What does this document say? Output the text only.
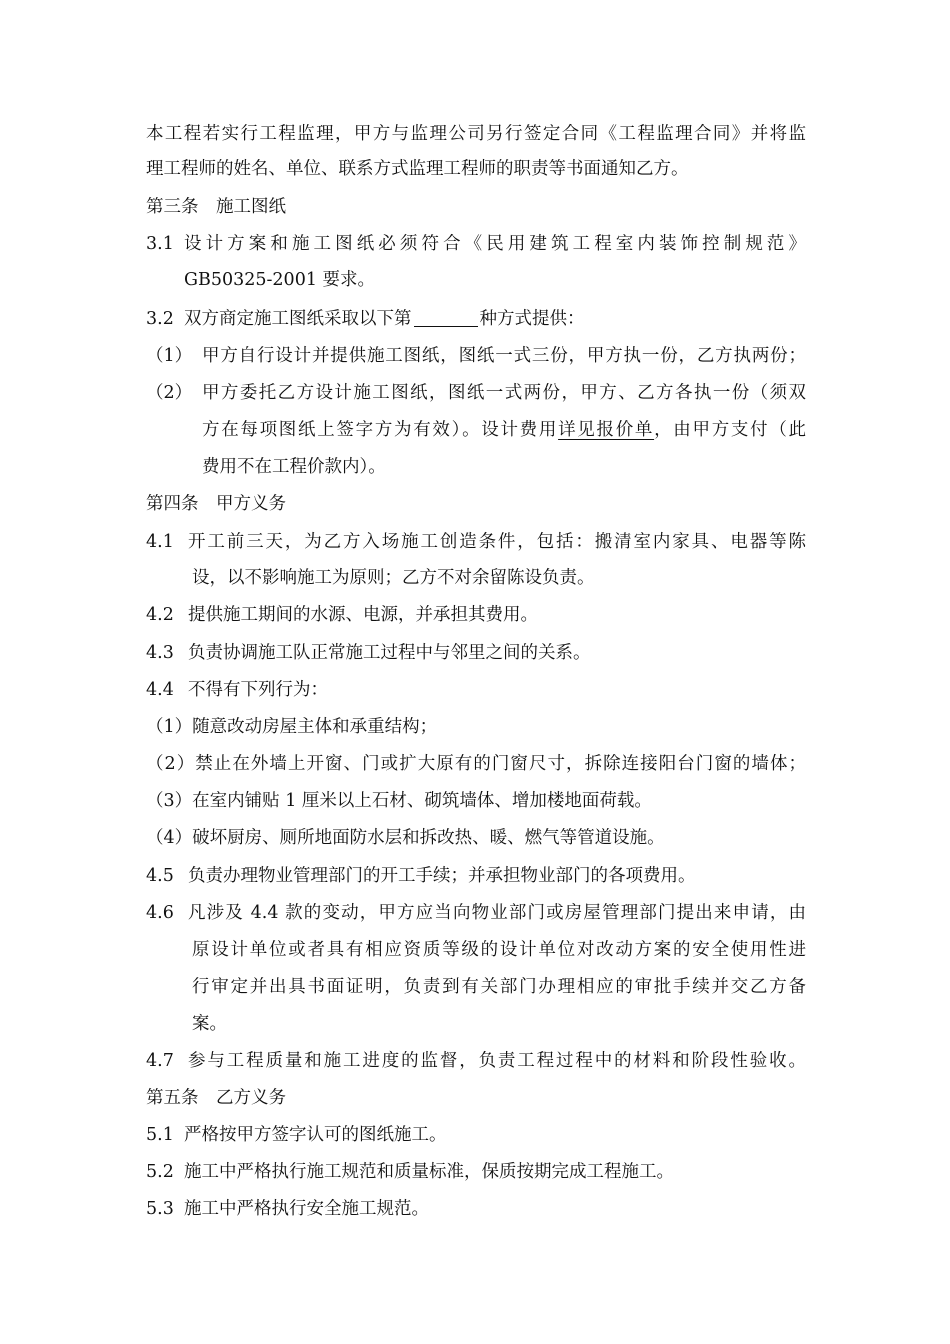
本工程若实行工程监理，甲方与监理公司另行签定合同《工程监理合同》并将监
理工程师的姓名、单位、联系方式监理工程师的职责等书面通知乙方。
第三条　施工图纸
3.1 设计方案和施工图纸必须符合《民用建筑工程室内装饰控制规范》
GB50325-2001 要求。
3.2 双方商定施工图纸采取以下第	种方式提供：
（1） 甲方自行设计并提供施工图纸，图纸一式三份，甲方执一份，乙方执两份；
（2） 甲方委托乙方设计施工图纸，图纸一式两份，甲方、乙方各执一份（须双
方在每项图纸上签字方为有效）。设计费用详见报价单，由甲方支付（此
费用不在工程价款内）。
第四条　甲方义务
4.1 开工前三天，为乙方入场施工创造条件，包括：搬清室内家具、电器等陈
设，以不影响施工为原则；乙方不对余留陈设负责。
4.2 提供施工期间的水源、电源，并承担其费用。
4.3 负责协调施工队正常施工过程中与邻里之间的关系。
4.4 不得有下列行为：
（1）随意改动房屋主体和承重结构；
（2）禁止在外墙上开窗、门或扩大原有的门窗尺寸，拆除连接阳台门窗的墙体；
（3）在室内铺贴 1 厘米以上石材、砌筑墙体、增加楼地面荷载。
（4）破坏厨房、厕所地面防水层和拆改热、暖、燃气等管道设施。
4.5 负责办理物业管理部门的开工手续；并承担物业部门的各项费用。
4.6 凡涉及 4.4 款的变动，甲方应当向物业部门或房屋管理部门提出来申请，由
原设计单位或者具有相应资质等级的设计单位对改动方案的安全使用性进
行审定并出具书面证明，负责到有关部门办理相应的审批手续并交乙方备
案。
4.7 参与工程质量和施工进度的监督，负责工程过程中的材料和阶段性验收。
第五条　乙方义务
5.1 严格按甲方签字认可的图纸施工。
5.2 施工中严格执行施工规范和质量标准，保质按期完成工程施工。
5.3 施工中严格执行安全施工规范。
